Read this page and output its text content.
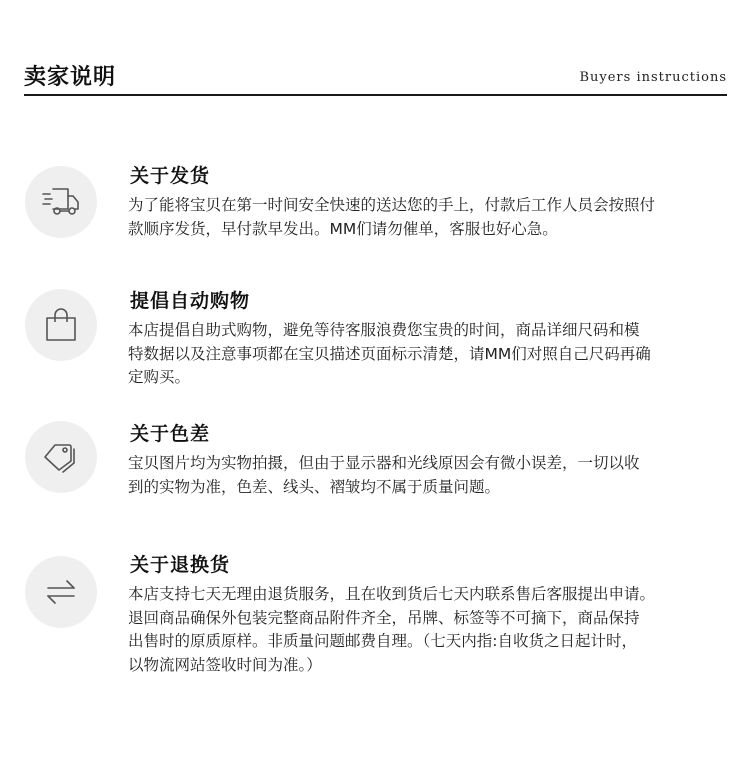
卖家说明	Buyers instructions
关于发货
为了能将宝贝在第一时间安全快速的送达您的手上，付款后工作人员会按照付
款顺序发货，早付款早发出。MM们请勿催单，客服也好心急。
提倡自动购物
本店提倡自助式购物，避免等待客服浪费您宝贵的时间，商品详细尺码和模
特数据以及注意事项都在宝贝描述页面标示清楚，请MM们对照自己尺码再确
定购买。
关于色差
宝贝图片均为实物拍摄，但由于显示器和光线原因会有微小误差，一切以收
到的实物为准，色差、线头、褶皱均不属于质量问题。
关于退换货
本店支持七天无理由退货服务，且在收到货后七天内联系售后客服提出申请。
退回商品确保外包装完整商品附件齐全，吊牌、标签等不可摘下，商品保持
出售时的原质原样。非质量问题邮费自理。（七天内指:自收货之日起计时，
以物流网站签收时间为准。）
